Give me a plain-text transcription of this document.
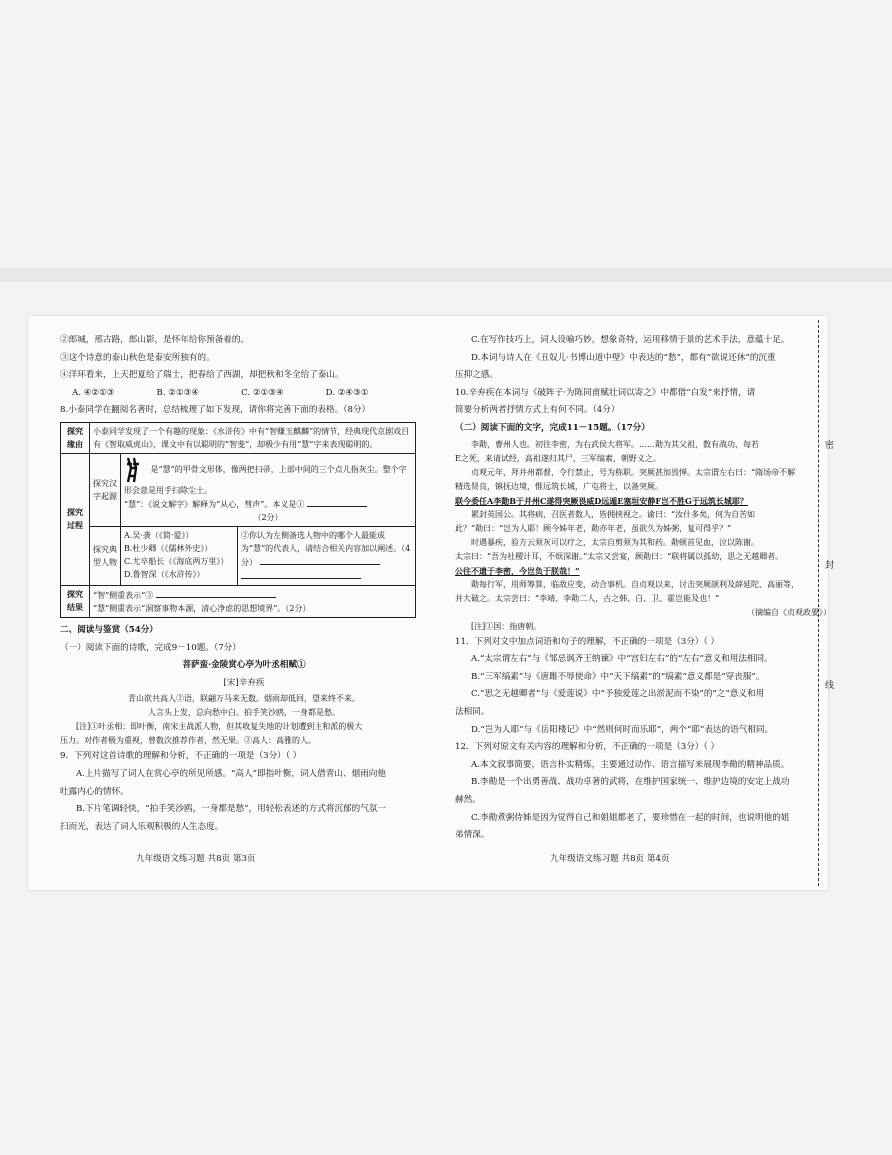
②郎城，邢古路，郎山影，是怀年给你预备着的。

③这个诗意的泰山秋色是泰安所独有的。

④洋环看来，上天把夏给了瑞士，把春给了西湖，却把秋和冬全给了泰山。

A. ④②①③	B. ②①③④	C. ②①③④	D. ②④③①

8.小泰同学在翻阅名著时，总结梳理了如下发现，请你将完善下面的表格。（8分）

探究缘由	小泰同学发现了一个有趣的现象：《水浒传》中有“智赚玉麒麟”的情节，经典现代京剧戏目有《智取威虎山》，课文中有以聪明的“智斐”，却极少有用“慧”字来表现聪明的。		
探究过程	探究汉字起源	是“慧”的甲骨文形体，像两把扫帚，上部中间的三个点儿指灰尘。整个字形会意是用手扫除尘土。
“慧”：《说文解字》解释为“从心，彗声”。本义是①
（2分）	

	探究典型人物	A.吴·袭（《简·爱》）
B.杜少卿（《儒林外史》）
C.尤卒船长（《海底两万里》）
D.鲁智深（《水浒传》）	②你认为左侧备选人物中的哪个人最能成为“慧”的代表人，请结合相关内容加以阐述。（4分）
探究结果	“智”侧重表示“③
“慧”侧重表示“洞察事物本源，清心净虑的思想境界”。（2分）		

二、阅读与鉴赏（54分）

（一）阅读下面的诗歌，完成9－10题。（7分）

菩萨蛮·金陵赏心亭为叶丞相赋①

[宋]辛弃疾

青山欲共高人②语，联翩万马来无数。烟雨却低回，望来终不来。

人言头上发，总向愁中白。拍手笑沙鸥，一身都是愁。

[注]①叶丞相：即叶衡，南宋主战派人物，但其收复失地的计划遭到主和派的极大

压力。对作者极为重视，曾数次推荐作者，然无果。②高人：高雅的人。

9．下列对这首诗歌的理解和分析，不正确的一项是（3分）（ ）

A.上片描写了词人在赏心亭的所见所感。“高人”即指叶衡，词人借青山、烟雨向他

吐露内心的情怀。

B.下片笔调轻快，“拍手笑沙鸥，一身都是愁”，用轻松表述的方式将沉郁的气氛一

扫而光，表达了词人乐观积极的人生态度。

九年级语文练习题 共8页 第3页

C.在写作技巧上，词人设喻巧妙，想象奇特，运用移情于景的艺术手法，意蕴十足。

D.本词与诗人在《丑奴儿·书博山道中壁》中表达的“愁”，都有“欲说还休”的沉重

压抑之感。

10.辛弃疾在本词与《破阵子·为陈同甫赋壮词以寄之》中都借“白发”来抒情，请

简要分析两者抒情方式上有何不同。（4分）

（二）阅读下面的文字，完成11－15题。（17分）

李勣，曹州人也。初往李密，为右武侯大将军。……勣为其父祖，数有战功，每若

E之死，来请试经，高祖遂归其尸，三军缟素，朝野义之。

贞观元年，拜并州都督，令行禁止，号为称职。突厥甚加畏惮。太宗谓左右曰：“隋场帝不解

精选贤良，镇抚边境，惟远筑长城，广屯将士，以备突厥。

联今委任A李勣B于并州C遂得突厥畏威D远遁E塞垣安静F岂不胜G于远筑长城耶？

累封英国公。其将病，召医者数人，皆拥挟视之。谕曰：“汝什多矣，何为自苦如

此？”勣曰：“岂为人耶！顾今姊年老，勣亦年老，虽欲久为姊粥，复可得乎？”

时遇暴疾，验方云须灰可以疗之，太宗自剪须为其和药。勣顿首见血，泣以陈谢。

太宗曰：“吾为社稷计耳，不烦深谢。”太宗又尝宴，顾勣曰：“联将属以孤幼，思之无越卿者。

公往不遗于李密，今岂负于朕哉！”

勣每行军，用师筹算，临敌应变，动合事机。自贞观以来，讨击突厥颉利及薛延陀、高丽等，

并大破之。太宗尝曰：“李靖、李勣二人，古之韩、白、卫、霍岂能及也！”

（摘编自《贞观政要》）

[注]①国：指唐朝。

11．下列对文中加点词语和句子的理解，不正确的一项是（3分）（ ）

A.“太宗谓左右”与《邹忌讽齐王纳谏》中“宫妇左右”的“左右”意义和用法相同。

B.“三军缟素”与《唐雎不辱使命》中“天下缟素”的“缟素”意义都是“穿丧服”。

C.“思之无越卿者”与《爱莲说》中“予独爱莲之出淤泥而不染”的“之”意义和用

法相同。

D.“岂为人耶”与《岳阳楼记》中“然则何时而乐耶”，两个“耶”表达的语气相同。

12．下列对原文有关内容的理解和分析，不正确的一项是（3分）（ ）

A.本文叙事简要，语言朴实精炼，主要通过动作、语言描写来展现李勣的精神品质。

B.李勣是一个出勇善战、战功卓著的武将，在维护国家统一、维护边境的安定上战功

赫然。

C.李勣煮粥侍姊是因为觉得自己和姐姐都老了，要珍惜在一起的时间，也说明他的姐

弟情深。

九年级语文练习题 共8页 第4页
密
封
线
